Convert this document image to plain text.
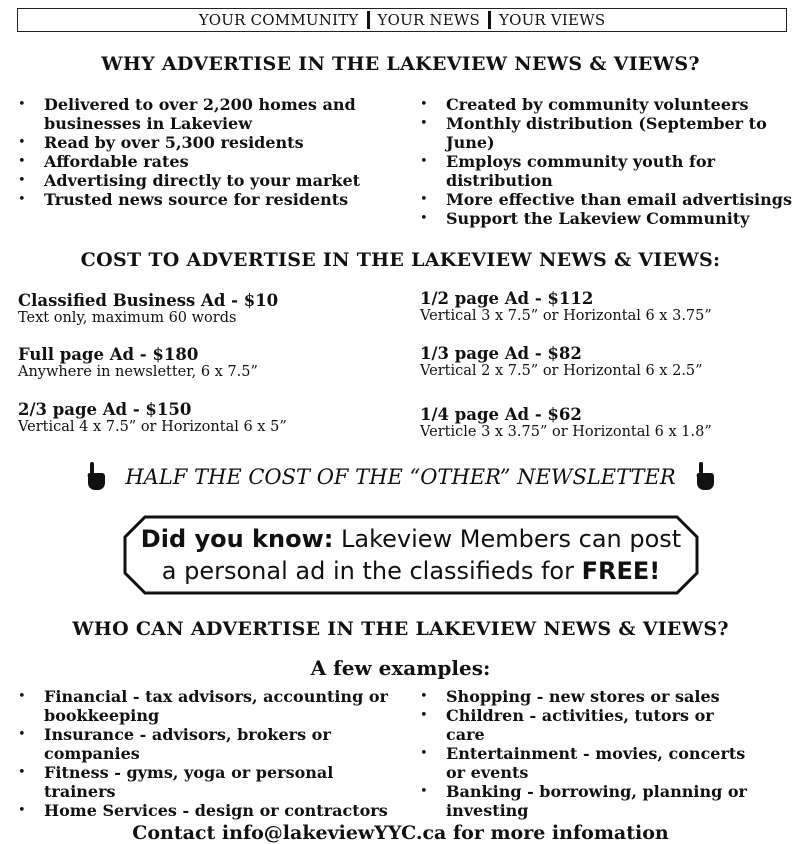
YOUR COMMUNITY YOUR NEWS YOUR VIEWS
WHY ADVERTISE IN THE LAKEVIEW NEWS & VIEWS?
• Delivered to over 2,200 homes and businesses in Lakeview
• Read by over 5,300 residents
• Affordable rates
• Advertising directly to your market
• Trusted news source for residents
• Created by community volunteers
• Monthly distribution (September to June)
• Employs community youth for distribution
• More effective than email advertisings
• Support the Lakeview Community
COST TO ADVERTISE IN THE LAKEVIEW NEWS & VIEWS:
Classified Business Ad - $10
Text only, maximum 60 words
Full page Ad - $180
Anywhere in newsletter, 6 x 7.5”
2/3 page Ad - $150
Vertical 4 x 7.5” or Horizontal 6 x 5”
1/2 page Ad - $112
Vertical 3 x 7.5” or Horizontal 6 x 3.75”
1/3 page Ad - $82
Vertical 2 x 7.5” or Horizontal 6 x 2.5”
1/4 page Ad - $62
Verticle 3 x 3.75” or Horizontal 6 x 1.8”
HALF THE COST OF THE “OTHER” NEWSLETTER
Did you know: Lakeview Members can post
a personal ad in the classifieds for FREE!
WHO CAN ADVERTISE IN THE LAKEVIEW NEWS & VIEWS?
A few examples:
• Financial - tax advisors, accounting or bookkeeping
• Insurance - advisors, brokers or companies
• Fitness - gyms, yoga or personal trainers
• Home Services - design or contractors
• Shopping - new stores or sales
• Children - activities, tutors or care
• Entertainment - movies, concerts or events
• Banking - borrowing, planning or investing
Contact info@lakeviewYYC.ca for more infomation
